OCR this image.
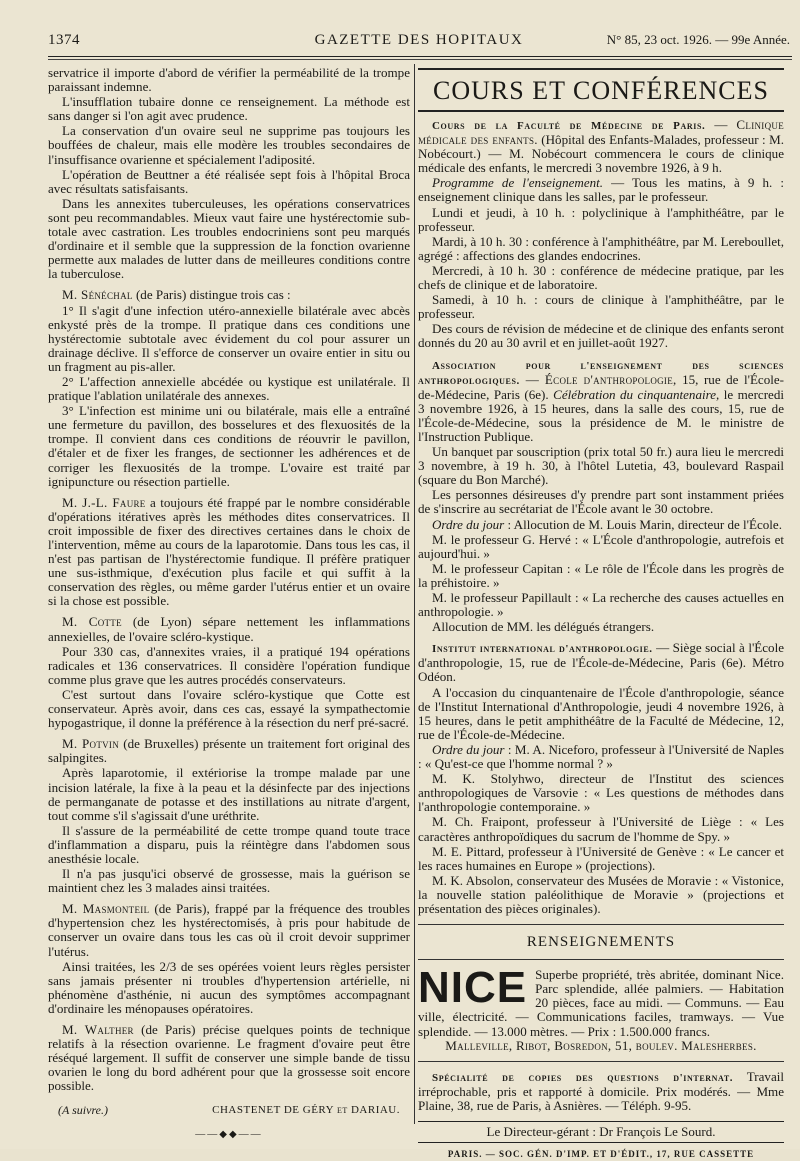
1374	GAZETTE DES HOPITAUX	N° 85, 23 oct. 1926. — 99e Année.

servatrice il importe d'abord de vérifier la perméabilité de la trompe paraissant indemne.

L'insufflation tubaire donne ce renseignement. La méthode est sans danger si l'on agit avec prudence.

La conservation d'un ovaire seul ne supprime pas toujours les bouffées de chaleur, mais elle modère les troubles secondaires de l'insuffisance ovarienne et spécialement l'adiposité.

L'opération de Beuttner a été réalisée sept fois à l'hôpital Broca avec résultats satisfaisants.

Dans les annexites tuberculeuses, les opérations conservatrices sont peu recommandables. Mieux vaut faire une hystérectomie sub-totale avec castration. Les troubles endocriniens sont peu marqués d'ordinaire et il semble que la suppression de la fonction ovarienne permette aux malades de lutter dans de meilleures conditions contre la tuberculose.

M. Sénéchal (de Paris) distingue trois cas :

1° Il s'agit d'une infection utéro-annexielle bilatérale avec abcès enkysté près de la trompe. Il pratique dans ces conditions une hystérectomie subtotale avec évidement du col pour assurer un drainage déclive. Il s'efforce de conserver un ovaire entier in situ ou un fragment au pis-aller.

2° L'affection annexielle abcédée ou kystique est unilatérale. Il pratique l'ablation unilatérale des annexes.

3° L'infection est minime uni ou bilatérale, mais elle a entraîné une fermeture du pavillon, des bosselures et des flexuosités de la trompe. Il convient dans ces conditions de réouvrir le pavillon, d'étaler et de fixer les franges, de sectionner les adhérences et de corriger les flexuosités de la trompe. L'ovaire est traité par ignipuncture ou résection partielle.

M. J.-L. Faure a toujours été frappé par le nombre considérable d'opérations itératives après les méthodes dites conservatrices. Il croit impossible de fixer des directives certaines dans le choix de l'intervention, même au cours de la laparotomie. Dans tous les cas, il n'est pas partisan de l'hystérectomie fundique. Il préfère pratiquer une sus-isthmique, d'exécution plus facile et qui suffit à la conservation des règles, ou même garder l'utérus entier et un ovaire si la chose est possible.

M. Cotte (de Lyon) sépare nettement les inflammations annexielles, de l'ovaire scléro-kystique.

Pour 330 cas, d'annexites vraies, il a pratiqué 194 opérations radicales et 136 conservatrices. Il considère l'opération fundique comme plus grave que les autres procédés conservateurs.

C'est surtout dans l'ovaire scléro-kystique que Cotte est conservateur. Après avoir, dans ces cas, essayé la sympathectomie hypogastrique, il donne la préférence à la résection du nerf pré-sacré.

M. Potvin (de Bruxelles) présente un traitement fort original des salpingites.

Après laparotomie, il extériorise la trompe malade par une incision latérale, la fixe à la peau et la désinfecte par des injections de permanganate de potasse et des instillations au nitrate d'argent, tout comme s'il s'agissait d'une uréthrite.

Il s'assure de la perméabilité de cette trompe quand toute trace d'inflammation a disparu, puis la réintègre dans l'abdomen sous anesthésie locale.

Il n'a pas jusqu'ici observé de grossesse, mais la guérison se maintient chez les 3 malades ainsi traitées.

M. Masmonteil (de Paris), frappé par la fréquence des troubles d'hypertension chez les hystérectomisés, à pris pour habitude de conserver un ovaire dans tous les cas où il croit devoir supprimer l'utérus.

Ainsi traitées, les 2/3 de ses opérées voient leurs règles persister sans jamais présenter ni troubles d'hypertension artérielle, ni phénomène d'asthénie, ni aucun des symptômes accompagnant d'ordinaire les ménopauses opératoires.

M. Walther (de Paris) précise quelques points de technique relatifs à la résection ovarienne. Le fragment d'ovaire peut être réséqué largement. Il suffit de conserver une simple bande de tissu ovarien le long du bord adhérent pour que la grossesse soit encore possible.

(A suivre.)	CHASTENET DE GÉRY et DARIAU.
——◆◆——
COURS ET CONFÉRENCES

Cours de la Faculté de Médecine de Paris. — Clinique médicale des enfants. (Hôpital des Enfants-Malades, professeur : M. Nobécourt.) — M. Nobécourt commencera le cours de clinique médicale des enfants, le mercredi 3 novembre 1926, à 9 h.

Programme de l'enseignement. — Tous les matins, à 9 h. : enseignement clinique dans les salles, par le professeur.

Lundi et jeudi, à 10 h. : polyclinique à l'amphithéâtre, par le professeur.

Mardi, à 10 h. 30 : conférence à l'amphithéâtre, par M. Lereboullet, agrégé : affections des glandes endocrines.

Mercredi, à 10 h. 30 : conférence de médecine pratique, par les chefs de clinique et de laboratoire.

Samedi, à 10 h. : cours de clinique à l'amphithéâtre, par le professeur.

Des cours de révision de médecine et de clinique des enfants seront donnés du 20 au 30 avril et en juillet-août 1927.

Association pour l'enseignement des sciences anthropologiques. — École d'anthropologie, 15, rue de l'École-de-Médecine, Paris (6e). Célébration du cinquantenaire, le mercredi 3 novembre 1926, à 15 heures, dans la salle des cours, 15, rue de l'École-de-Médecine, sous la présidence de M. le ministre de l'Instruction Publique.

Un banquet par souscription (prix total 50 fr.) aura lieu le mercredi 3 novembre, à 19 h. 30, à l'hôtel Lutetia, 43, boulevard Raspail (square du Bon Marché).

Les personnes désireuses d'y prendre part sont instamment priées de s'inscrire au secrétariat de l'École avant le 30 octobre.

Ordre du jour : Allocution de M. Louis Marin, directeur de l'École.

M. le professeur G. Hervé : « L'École d'anthropologie, autrefois et aujourd'hui. »

M. le professeur Capitan : « Le rôle de l'École dans les progrès de la préhistoire. »

M. le professeur Papillault : « La recherche des causes actuelles en anthropologie. »

Allocution de MM. les délégués étrangers.

Institut international d'anthropologie. — Siège social à l'École d'anthropologie, 15, rue de l'École-de-Médecine, Paris (6e). Métro Odéon.

A l'occasion du cinquantenaire de l'École d'anthropologie, séance de l'Institut International d'Anthropologie, jeudi 4 novembre 1926, à 15 heures, dans le petit amphithéâtre de la Faculté de Médecine, 12, rue de l'École-de-Médecine.

Ordre du jour : M. A. Niceforo, professeur à l'Université de Naples : « Qu'est-ce que l'homme normal ? »

M. K. Stolyhwo, directeur de l'Institut des sciences anthropologiques de Varsovie : « Les questions de méthodes dans l'anthropologie contemporaine. »

M. Ch. Fraipont, professeur à l'Université de Liège : « Les caractères anthropoïdiques du sacrum de l'homme de Spy. »

M. E. Pittard, professeur à l'Université de Genève : « Le cancer et les races humaines en Europe » (projections).

M. K. Absolon, conservateur des Musées de Moravie : « Vistonice, la nouvelle station paléolithique de Moravie » (projections et présentation des pièces originales).

RENSEIGNEMENTS
NICE Superbe propriété, très abritée, dominant Nice. Parc splendide, allée palmiers. — Habitation 20 pièces, face au midi. — Communs. — Eau ville, électricité. — Communications faciles, tramways. — Vue splendide. — 13.000 mètres. — Prix : 1.500.000 francs.
Malleville, Ribot, Bosredon, 51, boulev. Malesherbes.

Spécialité de copies des questions d'internat. Travail irréprochable, pris et rapporté à domicile. Prix modérés. — Mme Plaine, 38, rue de Paris, à Asnières. — Téléph. 9-95.

Le Directeur-gérant : Dr François Le Sourd.
PARIS. — SOC. GÉN. D'IMP. ET D'ÉDIT., 17, RUE CASSETTE
